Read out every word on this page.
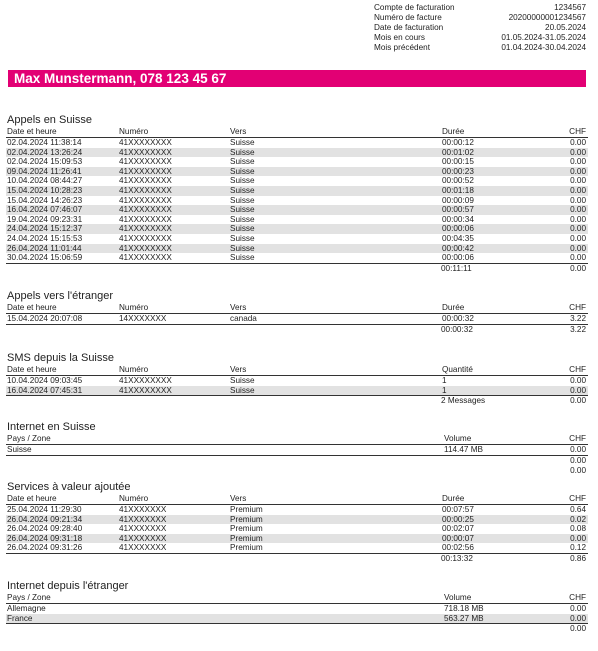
Compte de facturation	1234567
Numéro de facture	20200000001234567
Date de facturation	20.05.2024
Mois en cours	01.05.2024-31.05.2024
Mois précédent	01.04.2024-30.04.2024
Max Munstermann, 078 123 45 67
Appels en Suisse
Date et heure	Numéro	Vers	Durée	CHF
02.04.2024 11:38:14	41XXXXXXXX	Suisse	00:00:12	0.00
02.04.2024 13:26:24	41XXXXXXXX	Suisse	00:01:02	0.00
02.04.2024 15:09:53	41XXXXXXXX	Suisse	00:00:15	0.00
09.04.2024 11:26:41	41XXXXXXXX	Suisse	00:00:23	0.00
10.04.2024 08:44:27	41XXXXXXXX	Suisse	00:00:52	0.00
15.04.2024 10:28:23	41XXXXXXXX	Suisse	00:01:18	0.00
15.04.2024 14:26:23	41XXXXXXXX	Suisse	00:00:09	0.00
16.04.2024 07:46:07	41XXXXXXXX	Suisse	00:00:57	0.00
19.04.2024 09:23:31	41XXXXXXXX	Suisse	00:00:34	0.00
24.04.2024 15:12:37	41XXXXXXXX	Suisse	00:00:06	0.00
24.04.2024 15:15:53	41XXXXXXXX	Suisse	00:04:35	0.00
26.04.2024 11:01:44	41XXXXXXXX	Suisse	00:00:42	0.00
30.04.2024 15:06:59	41XXXXXXXX	Suisse	00:00:06	0.00
00:11:11	0.00
Appels vers l'étranger
Date et heure	Numéro	Vers	Durée	CHF
15.04.2024 20:07:08	14XXXXXXX	canada	00:00:32	3.22
00:00:32	3.22
SMS depuis la Suisse
Date et heure	Numéro	Vers	Quantité	CHF
10.04.2024 09:03:45	41XXXXXXXX	Suisse	1	0.00
16.04.2024 07:45:31	41XXXXXXXX	Suisse	1	0.00
2 Messages	0.00
Internet en Suisse
Pays / Zone	Volume	CHF
Suisse	114.47 MB	0.00
0.00
0.00
Services à valeur ajoutée
Date et heure	Numéro	Vers	Durée	CHF
25.04.2024 11:29:30	41XXXXXXX	Premium	00:07:57	0.64
26.04.2024 09:21:34	41XXXXXXX	Premium	00:00:25	0.02
26.04.2024 09:28:40	41XXXXXXX	Premium	00:02:07	0.08
26.04.2024 09:31:18	41XXXXXXX	Premium	00:00:07	0.00
26.04.2024 09:31:26	41XXXXXXX	Premium	00:02:56	0.12
00:13:32	0.86
Internet depuis l'étranger
Pays / Zone	Volume	CHF
Allemagne	718.18 MB	0.00
France	563.27 MB	0.00
0.00
